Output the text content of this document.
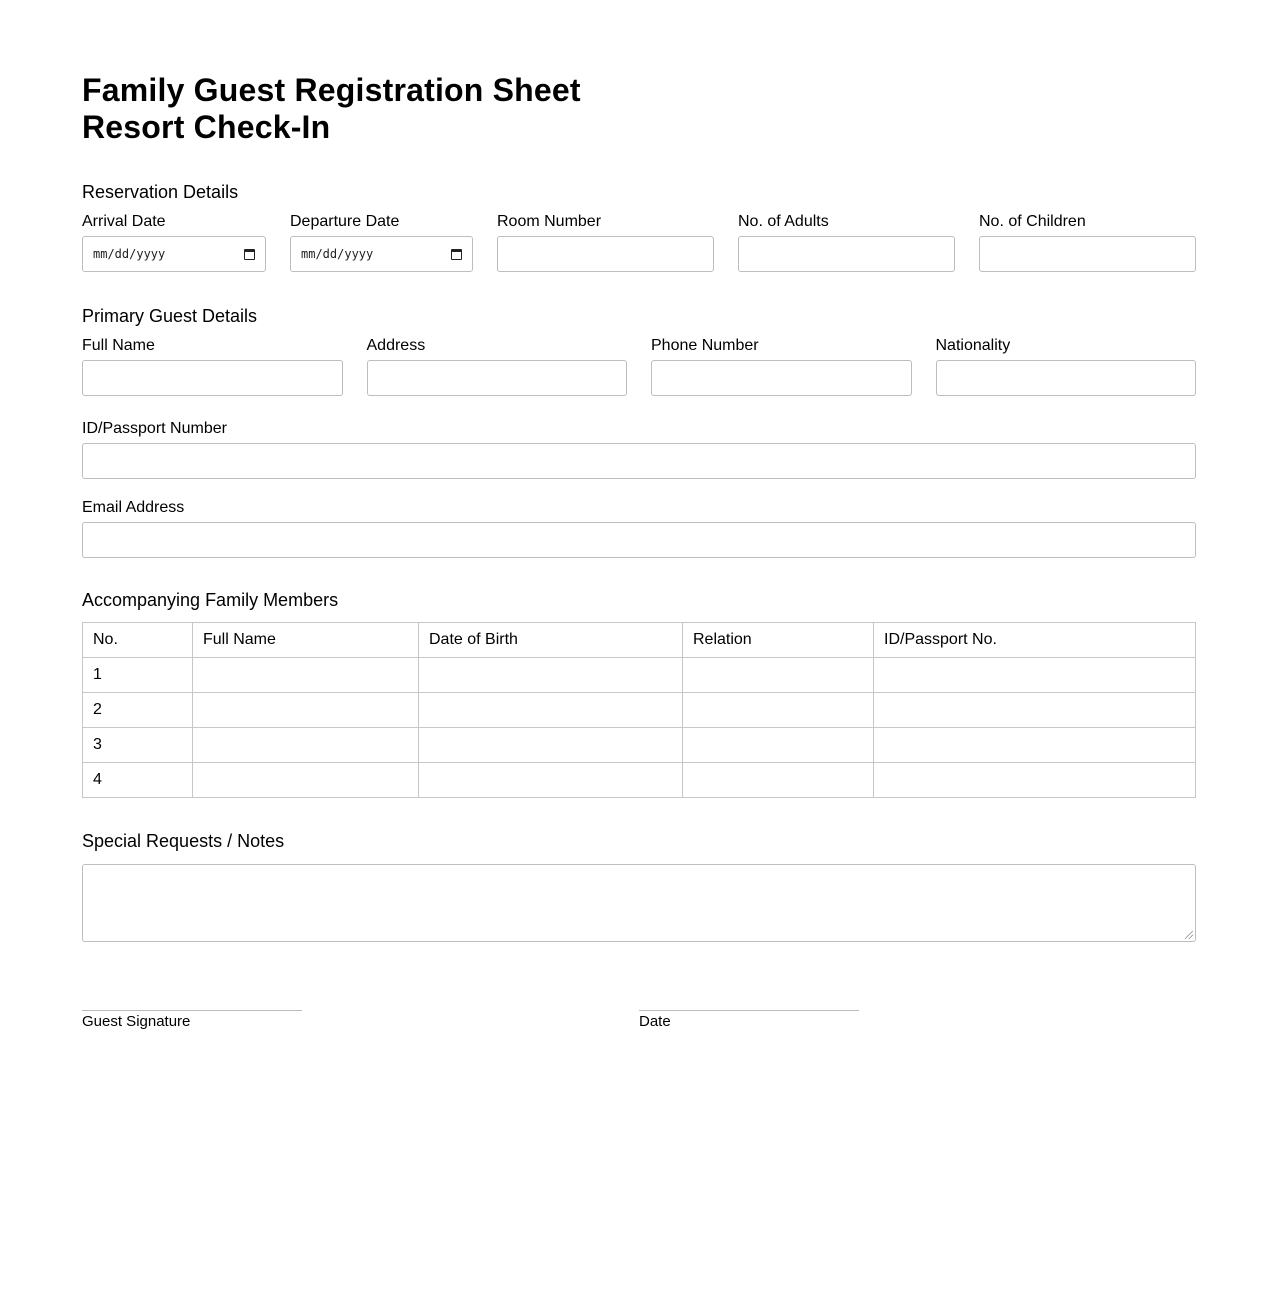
Family Guest Registration Sheet
Resort Check-In
Reservation Details
Arrival Date
mm/dd/yyyy
Departure Date
mm/dd/yyyy
Room Number	No. of Adults	No. of Children
Primary Guest Details
Full Name	Address	Phone Number	Nationality
ID/Passport Number
Email Address
Accompanying Family Members
No.	Full Name	Date of Birth	Relation	ID/Passport No.
1				
2				
3				
4				
Special Requests / Notes
Guest Signature	Date
